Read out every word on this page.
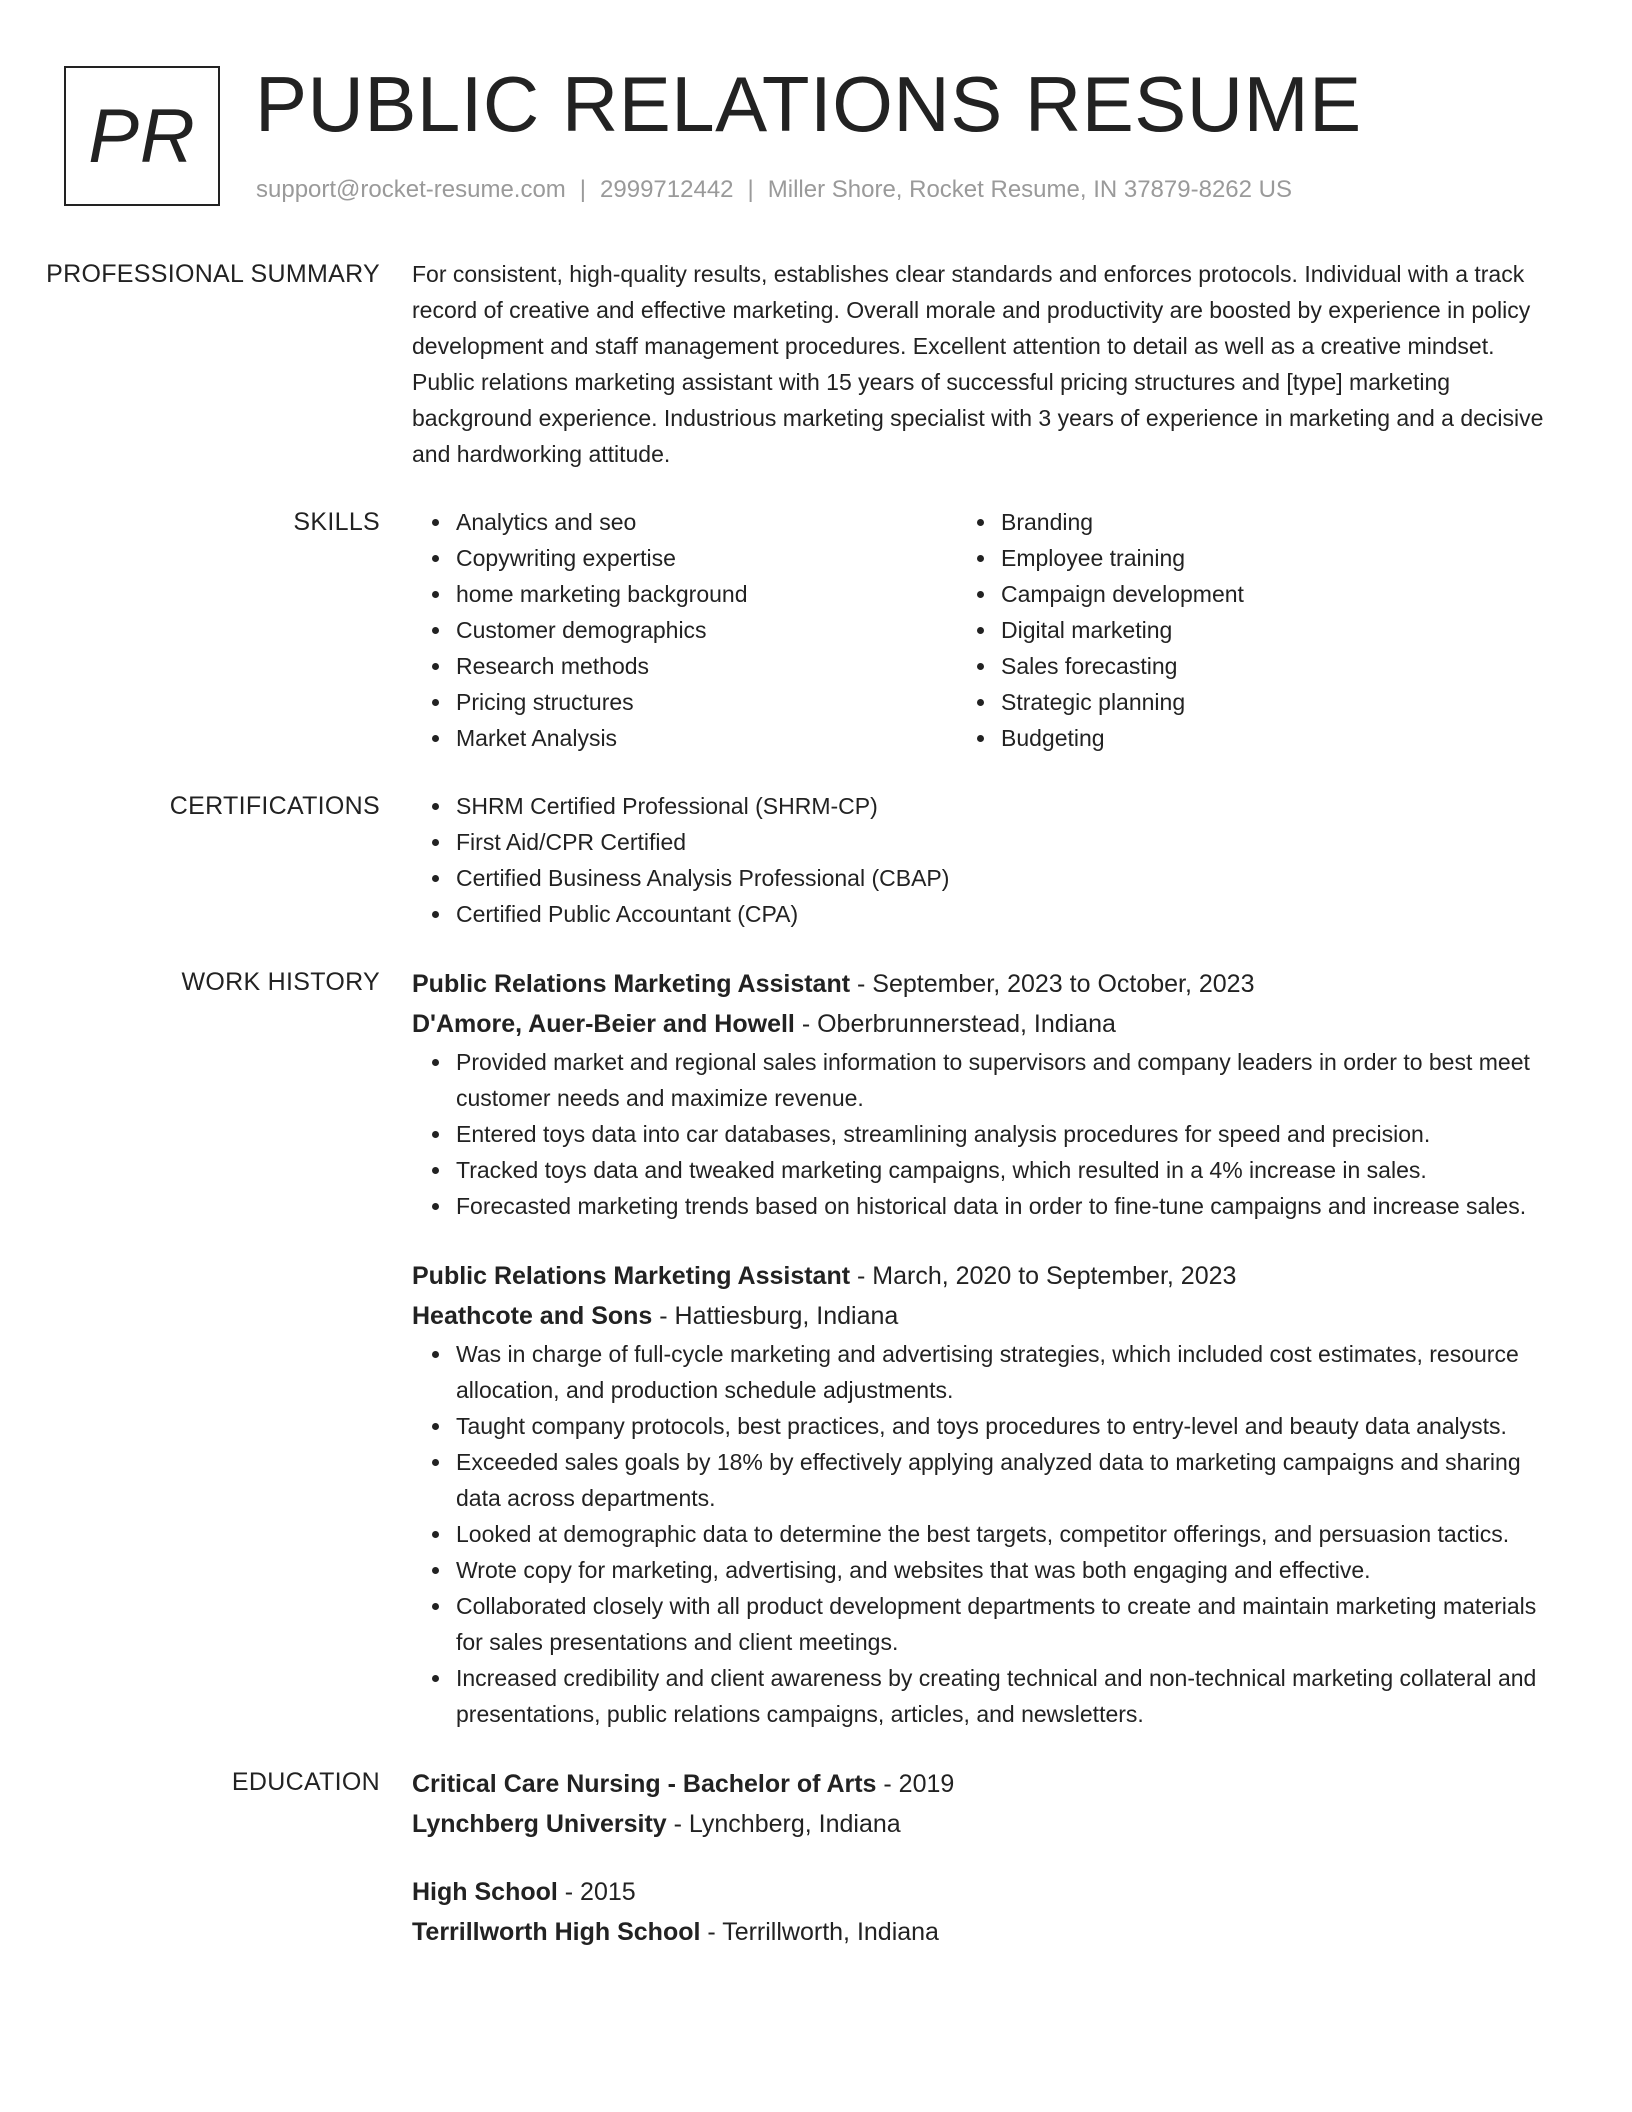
PR PUBLIC RELATIONS RESUME
support@rocket-resume.com | 2999712442 | Miller Shore, Rocket Resume, IN 37879-8262 US
PROFESSIONAL SUMMARY	For consistent, high-quality results, establishes clear standards and enforces protocols. Individual with a track record of creative and effective marketing. Overall morale and productivity are boosted by experience in policy development and staff management procedures. Excellent attention to detail as well as a creative mindset. Public relations marketing assistant with 15 years of successful pricing structures and [type] marketing background experience. Industrious marketing specialist with 3 years of experience in marketing and a decisive and hardworking attitude.

SKILLS	Analytics and seo
Copywriting expertise
home marketing background
Customer demographics
Research methods
Pricing structures
Market Analysis
Branding
Employee training
Campaign development
Digital marketing
Sales forecasting
Strategic planning
Budgeting
CERTIFICATIONS	SHRM Certified Professional (SHRM-CP)
First Aid/CPR Certified
Certified Business Analysis Professional (CBAP)
Certified Public Accountant (CPA)
WORK HISTORY	Public Relations Marketing Assistant - September, 2023 to October, 2023
D'Amore, Auer-Beier and Howell - Oberbrunnerstead, Indiana
Provided market and regional sales information to supervisors and company leaders in order to best meet customer needs and maximize revenue.
Entered toys data into car databases, streamlining analysis procedures for speed and precision.
Tracked toys data and tweaked marketing campaigns, which resulted in a 4% increase in sales.
Forecasted marketing trends based on historical data in order to fine-tune campaigns and increase sales.
Public Relations Marketing Assistant - March, 2020 to September, 2023
Heathcote and Sons - Hattiesburg, Indiana
Was in charge of full-cycle marketing and advertising strategies, which included cost estimates, resource allocation, and production schedule adjustments.
Taught company protocols, best practices, and toys procedures to entry-level and beauty data analysts.
Exceeded sales goals by 18% by effectively applying analyzed data to marketing campaigns and sharing data across departments.
Looked at demographic data to determine the best targets, competitor offerings, and persuasion tactics.
Wrote copy for marketing, advertising, and websites that was both engaging and effective.
Collaborated closely with all product development departments to create and maintain marketing materials for sales presentations and client meetings.
Increased credibility and client awareness by creating technical and non-technical marketing collateral and presentations, public relations campaigns, articles, and newsletters.
EDUCATION	Critical Care Nursing - Bachelor of Arts - 2019
Lynchberg University - Lynchberg, Indiana
High School - 2015
Terrillworth High School - Terrillworth, Indiana
